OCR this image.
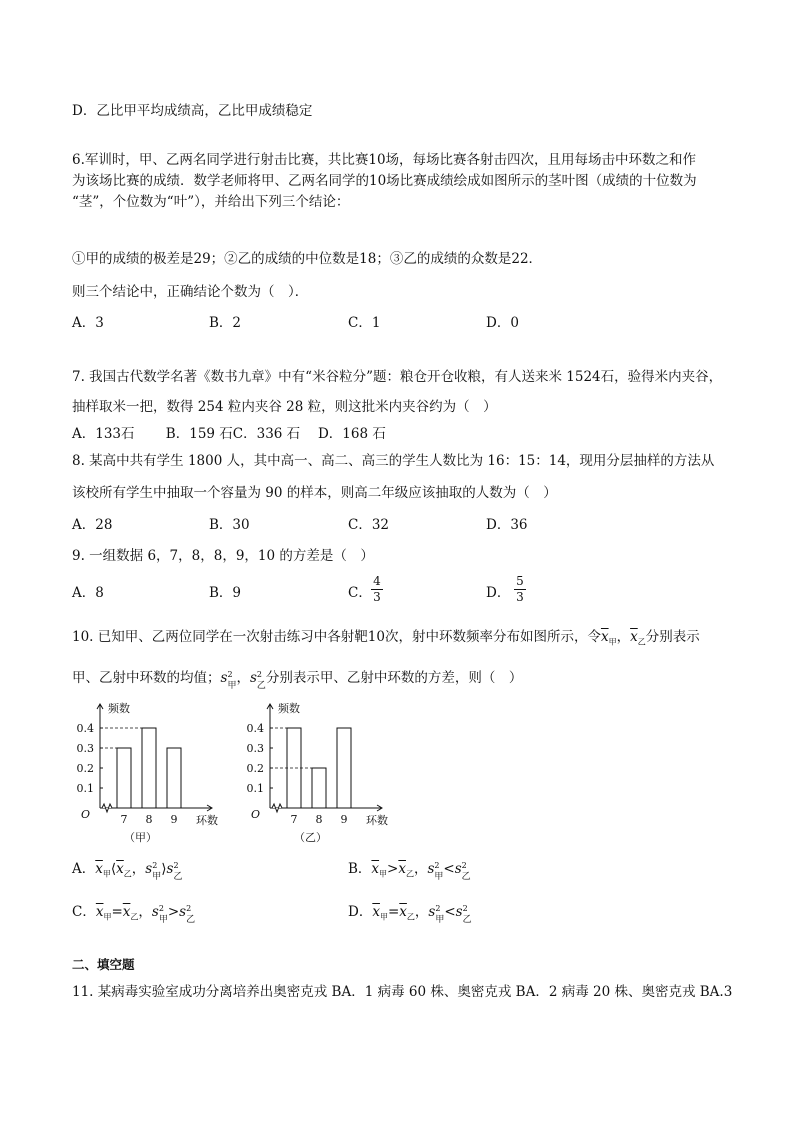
D．乙比甲平均成绩高，乙比甲成绩稳定
6.军训时，甲、乙两名同学进行射击比赛，共比赛10场，每场比赛各射击四次，且用每场击中环数之和作
为该场比赛的成绩．数学老师将甲、乙两名同学的10场比赛成绩绘成如图所示的茎叶图（成绩的十位数为
“茎”，个位数为“叶”），并给出下列三个结论：
①甲的成绩的极差是29；②乙的成绩的中位数是18；③乙的成绩的众数是22．
则三个结论中，正确结论个数为（　）．
A．3	B．2	C．1	D．0
7. 我国古代数学名著《数书九章》中有“米谷粒分”题：粮仓开仓收粮，有人送来米 1524石，验得米内夹谷，
抽样取米一把，数得 254 粒内夹谷 28 粒，则这批米内夹谷约为（　）
A．133石　　 B．159 石C．336 石　 D．168 石
8. 某高中共有学生 1800 人，其中高一、高二、高三的学生人数比为 16：15：14，现用分层抽样的方法从
该校所有学生中抽取一个容量为 90 的样本，则高二年级应该抽取的人数为（　）
A．28	B．30	C．32	D．36
9. 一组数据 6，7，8，8，9，10 的方差是（　）
A．8	B．9	C．
4
3	D．
5
3
10. 已知甲、乙两位同学在一次射击练习中各射靶10次，射中环数频率分布如图所示，令$\overline{x}_甲$，$\overline{x}_乙$分别表示
甲、乙射中环数的均值；s 2
甲 ，s 2
乙 分别表示甲、乙射中环数的方差，则（　）
0.1
0.2
0.3
0.4
7 8 9
频数
环数
O
（甲）
0.1
0.2
0.3
0.4
7 8 9
频数
环数
O
（乙）
A．$\overline{x}_甲⟨\overline{x}_乙$，s 2
甲 ⟩s 2
乙	B．$\overline{x}_甲>\overline{x}_乙$，s 2
甲 <s 2
乙
C．$\overline{x}_甲=\overline{x}_乙$，s 2
甲 >s 2
乙	D．$\overline{x}_甲=\overline{x}_乙$，s 2
甲 <s 2
乙
二、填空题
11. 某病毒实验室成功分离培养出奥密克戎 BA．1 病毒 60 株、奥密克戎 BA．2 病毒 20 株、奥密克戎 BA.3
